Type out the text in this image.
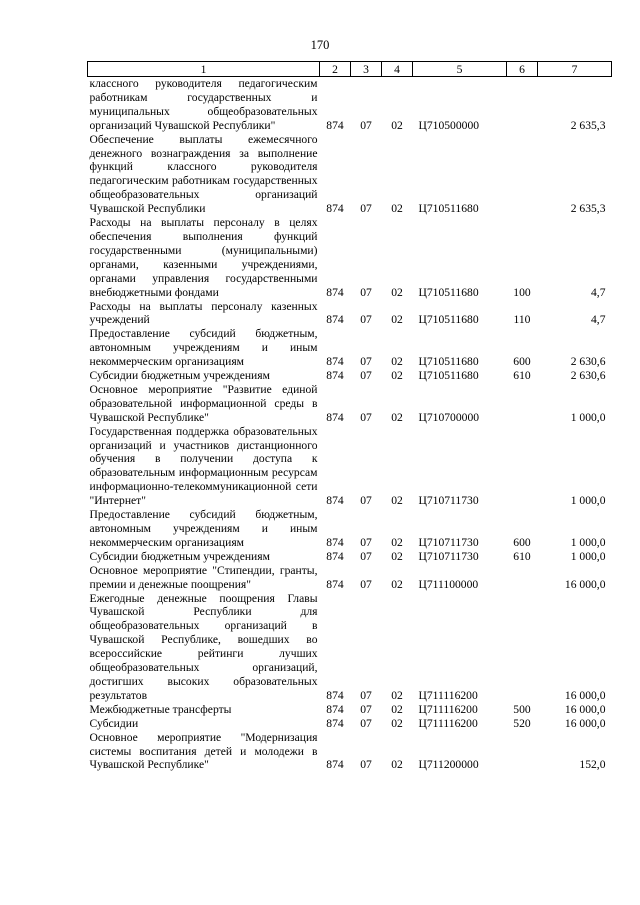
170
1	2	3	4	5	6	7
классного руководителя педагогическим работникам государственных и муниципальных общеобразовательных организаций Чувашской Республики"	874	07	02	Ц710500000		2 635,3
Обеспечение выплаты ежемесячного денежного вознаграждения за выполнение функций классного руководителя педагогическим работникам государственных общеобразовательных организаций Чувашской Республики	874	07	02	Ц710511680		2 635,3
Расходы на выплаты персоналу в целях обеспечения выполнения функций государственными (муниципальными) органами, казенными учреждениями, органами управления государственными внебюджетными фондами	874	07	02	Ц710511680	100	4,7
Расходы на выплаты персоналу казенных учреждений	874	07	02	Ц710511680	110	4,7
Предоставление субсидий бюджетным, автономным учреждениям и иным некоммерческим организациям	874	07	02	Ц710511680	600	2 630,6
Субсидии бюджетным учреждениям	874	07	02	Ц710511680	610	2 630,6
Основное мероприятие "Развитие единой образовательной информационной среды в Чувашской Республике"	874	07	02	Ц710700000		1 000,0
Государственная поддержка образовательных организаций и участников дистанционного обучения в получении доступа к образовательным информационным ресурсам информационно-телекоммуникационной сети "Интернет"	874	07	02	Ц710711730		1 000,0
Предоставление субсидий бюджетным, автономным учреждениям и иным некоммерческим организациям	874	07	02	Ц710711730	600	1 000,0
Субсидии бюджетным учреждениям	874	07	02	Ц710711730	610	1 000,0
Основное мероприятие "Стипендии, гранты, премии и денежные поощрения"	874	07	02	Ц711100000		16 000,0
Ежегодные денежные поощрения Главы Чувашской Республики для общеобразовательных организаций в Чувашской Республике, вошедших во всероссийские рейтинги лучших общеобразовательных организаций, достигших высоких образовательных результатов	874	07	02	Ц711116200		16 000,0
Межбюджетные трансферты	874	07	02	Ц711116200	500	16 000,0
Субсидии	874	07	02	Ц711116200	520	16 000,0
Основное мероприятие "Модернизация системы воспитания детей и молодежи в Чувашской Республике"	874	07	02	Ц711200000		152,0
